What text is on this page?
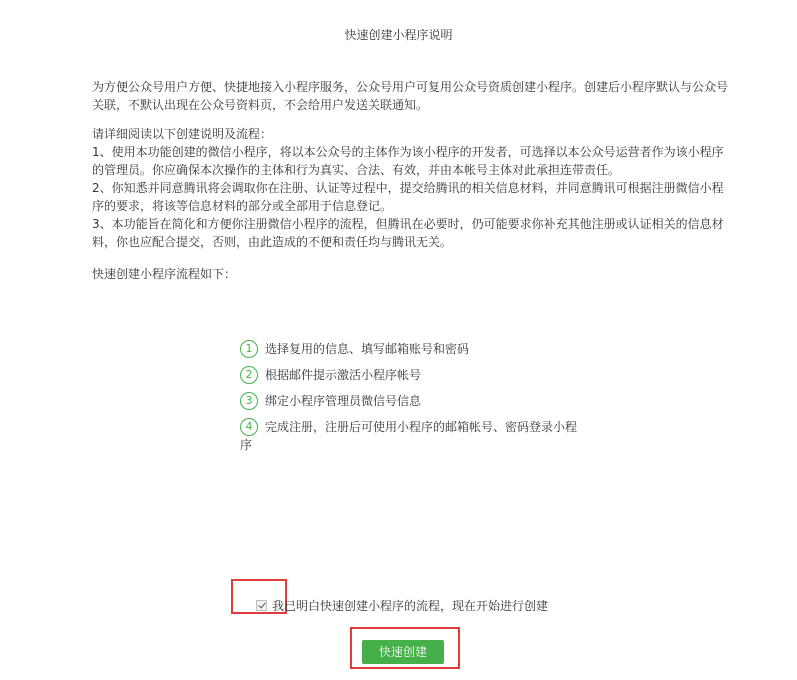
快速创建小程序说明

为方便公众号用户方便、快捷地接入小程序服务，公众号用户可复用公众号资质创建小程序。创建后小程序默认与公众号关联，不默认出现在公众号资料页，不会给用户发送关联通知。

请详细阅读以下创建说明及流程：

1、使用本功能创建的微信小程序，将以本公众号的主体作为该小程序的开发者，可选择以本公众号运营者作为该小程序的管理员。你应确保本次操作的主体和行为真实、合法、有效，并由本帐号主体对此承担连带责任。

2、你知悉并同意腾讯将会调取你在注册、认证等过程中，提交给腾讯的相关信息材料，并同意腾讯可根据注册微信小程序的要求，将该等信息材料的部分或全部用于信息登记。

3、本功能旨在简化和方便你注册微信小程序的流程，但腾讯在必要时，仍可能要求你补充其他注册或认证相关的信息材料，你也应配合提交，否则，由此造成的不便和责任均与腾讯无关。

快速创建小程序流程如下：
1	选择复用的信息、填写邮箱账号和密码
2	根据邮件提示激活小程序帐号
3	绑定小程序管理员微信号信息
4	完成注册，注册后可使用小程序的邮箱帐号、密码登录小程序
我已明白快速创建小程序的流程，现在开始进行创建
快速创建
